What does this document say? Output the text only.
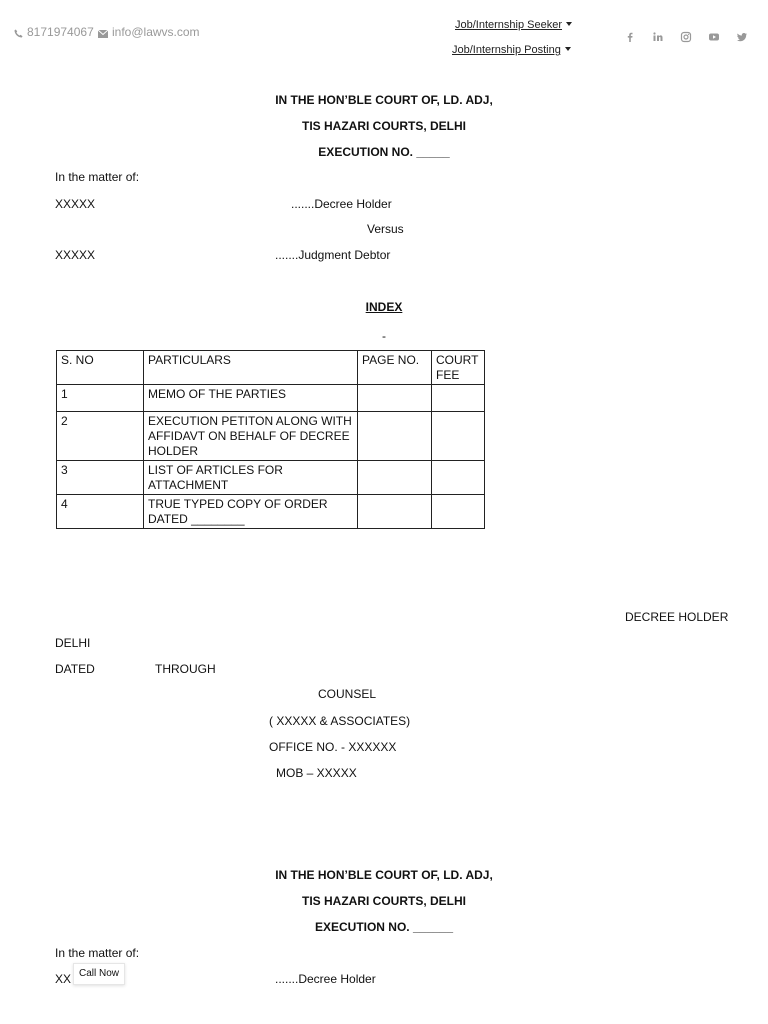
8171974067	info@lawvs.com	Job/Internship Seeker
Job/Internship Posting
IN THE HON’BLE COURT OF, LD. ADJ,
TIS HAZARI COURTS, DELHI
EXECUTION NO. _____
In the matter of:
XXXXX	.......Decree Holder
Versus
XXXXX	.......Judgment Debtor
INDEX
-
S. NO	PARTICULARS	PAGE NO.	COURT FEE
1	MEMO OF THE PARTIES		
2	EXECUTION PETITON ALONG WITH AFFIDAVT ON BEHALF OF DECREE HOLDER		
3	LIST OF ARTICLES FOR ATTACHMENT		
4	TRUE TYPED COPY OF ORDER DATED ________		
DECREE HOLDER
DELHI
DATED	THROUGH
COUNSEL
( XXXXX & ASSOCIATES)
OFFICE NO. - XXXXXX
MOB – XXXXX
IN THE HON’BLE COURT OF, LD. ADJ,
TIS HAZARI COURTS, DELHI
EXECUTION NO. ______
In the matter of:
XX	.......Decree Holder
Call Now
